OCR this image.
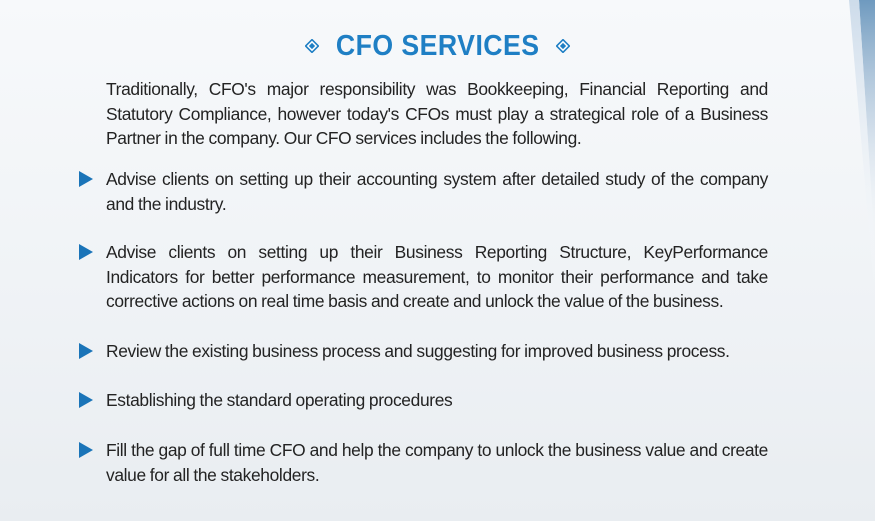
CFO SERVICES
Traditionally, CFO's major responsibility was Bookkeeping, Financial Reporting and Statutory Compliance, however today's CFOs must play a strategical role of a Business Partner in the company. Our CFO services includes the following.
Advise clients on setting up their accounting system after detailed study of the company and the industry.
Advise clients on setting up their Business Reporting Structure, KeyPerformance Indicators for better performance measurement, to monitor their performance and take corrective actions on real time basis and create and unlock the value of the business.
Review the existing business process and suggesting for improved business process.
Establishing the standard operating procedures
Fill the gap of full time CFO and help the company to unlock the business value and create value for all the stakeholders.
